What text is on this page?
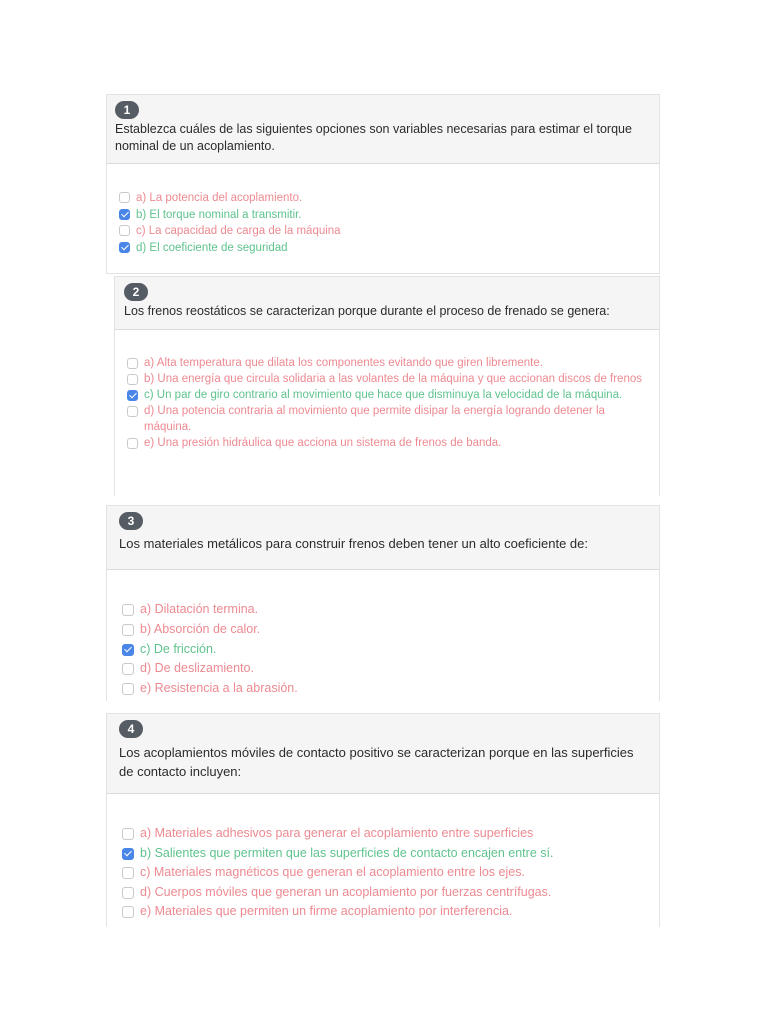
1
Establezca cuáles de las siguientes opciones son variables necesarias para estimar el torque nominal de un acoplamiento.
a) La potencia del acoplamiento.
b) El torque nominal a transmitir.
c) La capacidad de carga de la máquina
d) El coeficiente de seguridad
2
Los frenos reostáticos se caracterizan porque durante el proceso de frenado se genera:
a) Alta temperatura que dilata los componentes evitando que giren libremente.
b) Una energía que circula solidaria a las volantes de la máquina y que accionan discos de frenos
c) Un par de giro contrario al movimiento que hace que disminuya la velocidad de la máquina.
d) Una potencia contraria al movimiento que permite disipar la energía logrando detener la máquina.
e) Una presión hidráulica que acciona un sistema de frenos de banda.
3
Los materiales metálicos para construir frenos deben tener un alto coeficiente de:
a) Dilatación termina.
b) Absorción de calor.
c) De fricción.
d) De deslizamiento.
e) Resistencia a la abrasión.
4
Los acoplamientos móviles de contacto positivo se caracterizan porque en las superficies de contacto incluyen:
a) Materiales adhesivos para generar el acoplamiento entre superficies
b) Salientes que permiten que las superficies de contacto encajen entre sí.
c) Materiales magnéticos que generan el acoplamiento entre los ejes.
d) Cuerpos móviles que generan un acoplamiento por fuerzas centrífugas.
e) Materiales que permiten un firme acoplamiento por interferencia.
